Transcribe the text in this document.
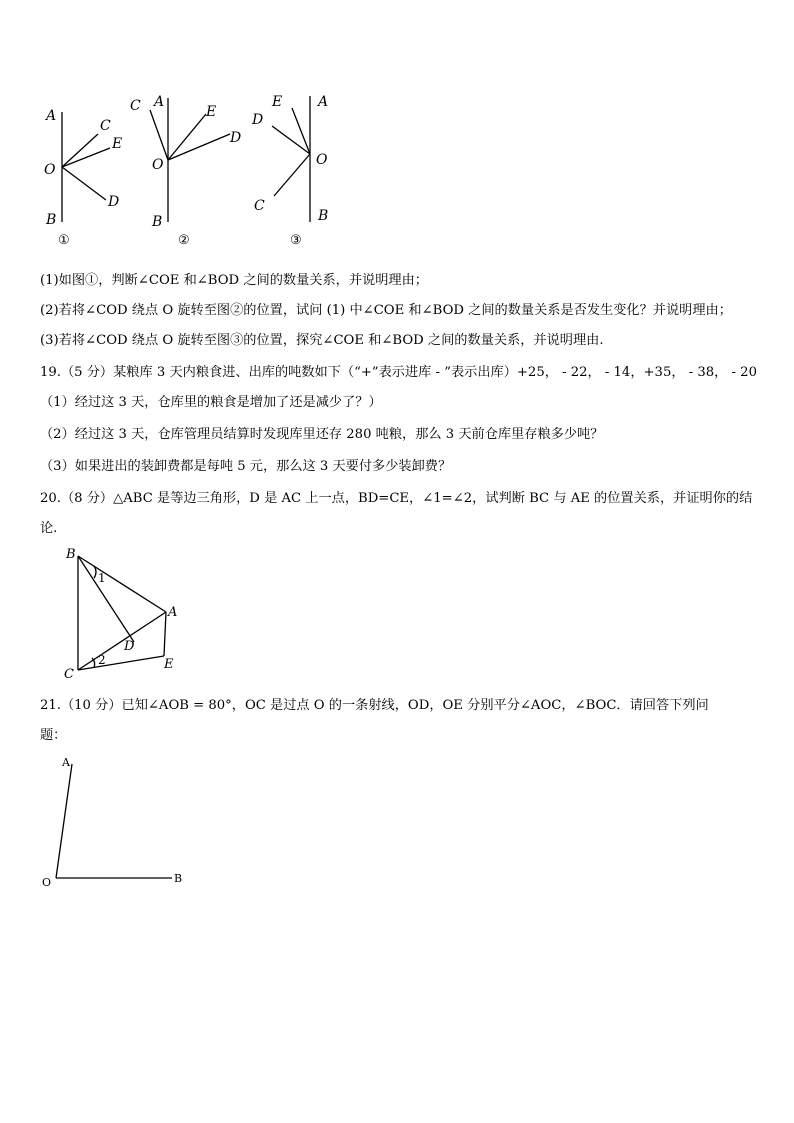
A
C
E
O
D
B
①
C A
E
D
O
B
②
E	A
D
O
C
B
③
(1)如图①，判断∠COE 和∠BOD 之间的数量关系，并说明理由；
(2)若将∠COD 绕点 O 旋转至图②的位置，试问 (1) 中∠COE 和∠BOD 之间的数量关系是否发生变化？并说明理由；
(3)若将∠COD 绕点 O 旋转至图③的位置，探究∠COE 和∠BOD 之间的数量关系，并说明理由.
19.（5 分）某粮库 3 天内粮食进、出库的吨数如下（“+”表示进库 - ”表示出库）+25， - 22， - 14，+35， - 38， - 20
（1）经过这 3 天，仓库里的粮食是增加了还是减少了？）
（2）经过这 3 天，仓库管理员结算时发现库里还存 280 吨粮，那么 3 天前仓库里存粮多少吨？
（3）如果进出的装卸费都是每吨 5 元，那么这 3 天要付多少装卸费？
20.（8 分）△ABC 是等边三角形，D 是 AC 上一点，BD=CE，∠1=∠2，试判断 BC 与 AE 的位置关系，并证明你的结
论.
B
A
C
D
E
1
2
21.（10 分）已知∠AOB = 80°，OC 是过点 O 的一条射线，OD，OE 分别平分∠AOC，∠BOC．请回答下列问
题：
A
O	B
